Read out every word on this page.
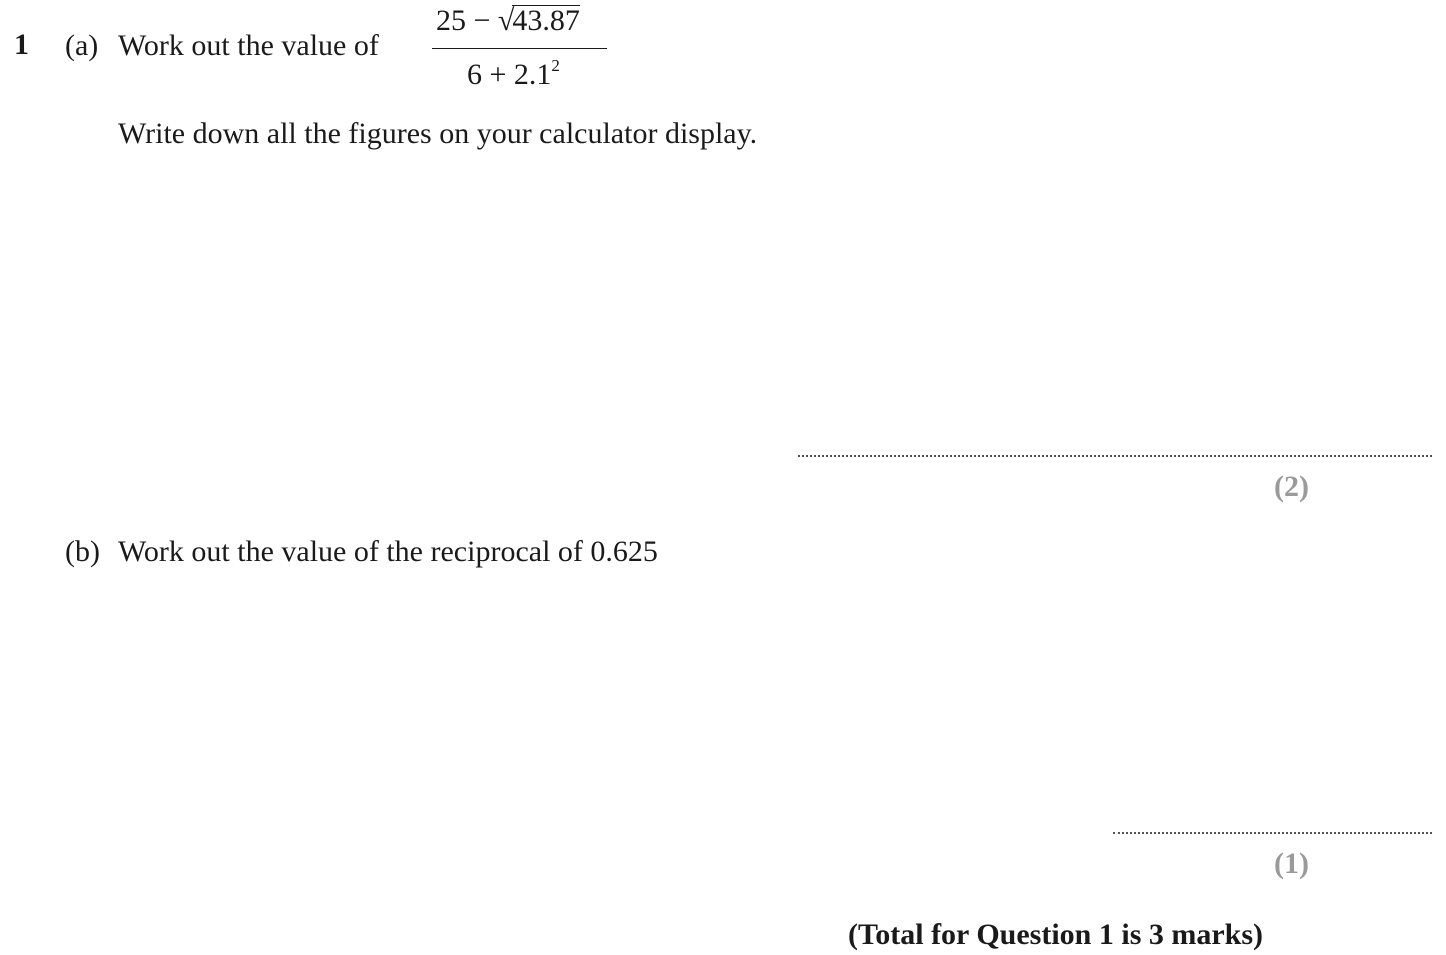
1 (a) Work out the value of
25 − √43.87
$6 + 2.1^2$
Write down all the figures on your calculator display.
(2)
(b) Work out the value of the reciprocal of 0.625
(1)
(Total for Question 1 is 3 marks)
